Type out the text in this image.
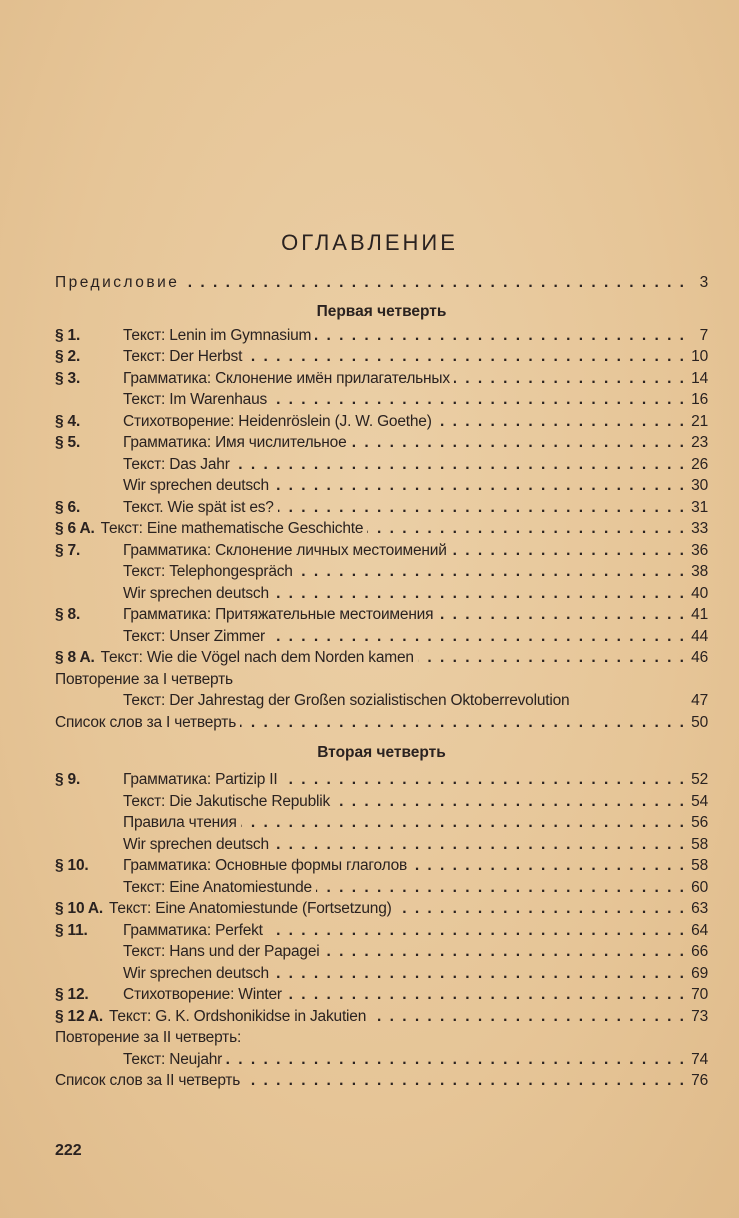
ОГЛАВЛЕНИЕ
Предисловие . . .	3
Первая четверть
§ 1.	Текст: Lenin im Gymnasium . . .	7
§ 2.	Текст: Der Herbst . . .	10
§ 3.	Грамматика: Склонение имён прилагательных . . .	14
Текст: Im Warenhaus . . .	16
§ 4.	Стихотворение: Heidenröslein (J. W. Goethe) . . .	21
§ 5.	Грамматика: Имя числительное . . .	23
Текст: Das Jahr . . .	26
Wir sprechen deutsch . . .	30
§ 6.	Текст. Wie spät ist es? . . .	31
§ 6 A. Текст: Eine mathematische Geschichte . . .	33
§ 7.	Грамматика: Склонение личных местоимений . . .	36
Текст: Telephongespräch . . .	38
Wir sprechen deutsch . . .	40
§ 8.	Грамматика: Притяжательные местоимения . . .	41
Текст: Unser Zimmer . . .	44
§ 8 A. Текст: Wie die Vögel nach dem Norden kamen . . .	46
Повторение за I четверть
Текст: Der Jahrestag der Großen sozialistischen Oktoberrevolution	47
Список слов за I четверть . . .	50
Вторая четверть
§ 9.	Грамматика: Partizip II . . .	52
Текст: Die Jakutische Republik . . .	54
Правила чтения . . .	56
Wir sprechen deutsch . . .	58
§ 10.	Грамматика: Основные формы глаголов . . .	58
Текст: Eine Anatomiestunde . . .	60
§ 10 A. Текст: Eine Anatomiestunde (Fortsetzung) . . .	63
§ 11.	Грамматика: Perfekt . . .	64
Текст: Hans und der Papagei . . .	66
Wir sprechen deutsch . . .	69
§ 12.	Стихотворение: Winter . . .	70
§ 12 A. Текст: G. K. Ordshonikidse in Jakutien . . .	73
Повторение за II четверть:
Текст: Neujahr . . .	74
Список слов за II четверть . . .	76
222
